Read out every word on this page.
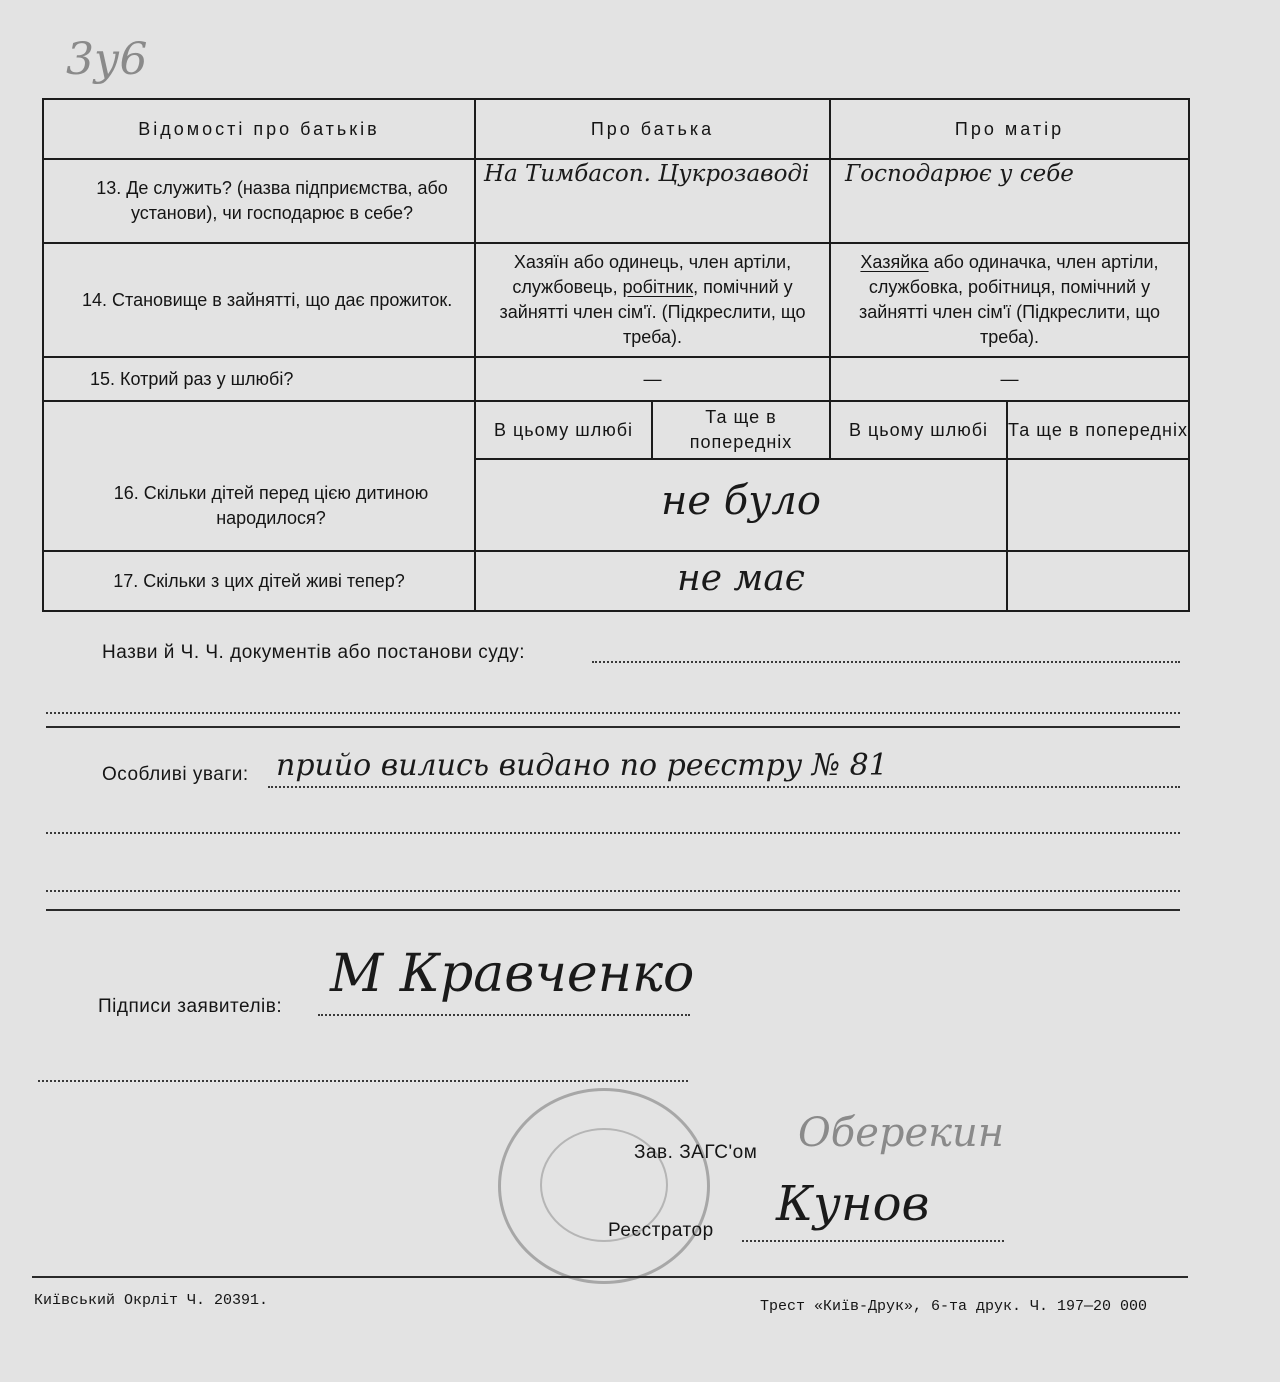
3у6
Відомості про батьків	Про батька		Про матір	
13. Де служить? (назва підприємства, або установи), чи господарює в себе?	На Тимбасоп. Цукрозаводі		Господарює у себе	
14. Становище в зайнятті, що дає прожиток.	Хазяїн або одинець, член артіли, службовець, робітник, помічний у зайнятті член сім'ї. (Підкреслити, що треба).		Хазяйка або одиначка, член артіли, службовка, робітниця, помічний у зайнятті член сім'ї (Підкреслити, що треба).	
15. Котрий раз у шлюбі?	—		—	
16. Скільки дітей перед цією дитиною народилося?	В цьому шлюбі	Та ще в попередніх	В цьому шлюбі	Та ще в попередніх
	не було			
17. Скільки з цих дітей живі тепер?	не має			
Назви й Ч. Ч. документів або постанови суду:
Особливі уваги: прийо вились видано по реєстру № 81
Підписи заявителів:
М Кравченко
Зав. ЗАГС'ом Оберекин
Реєстратор Кунов
Київський Окрліт Ч. 20391.	Трест «Київ-Друк», 6-та друк. Ч. 197—20 000
